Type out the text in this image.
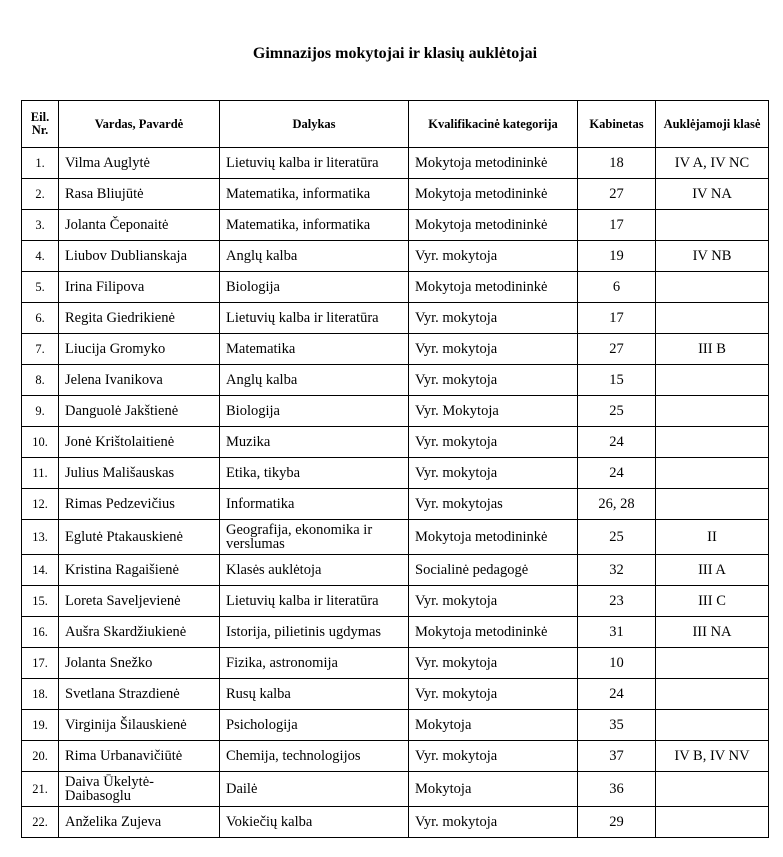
Gimnazijos mokytojai ir klasių auklėtojai
Eil. Nr.	Vardas, Pavardė	Dalykas	Kvalifikacinė kategorija	Kabinetas	Auklėjamoji klasė
1.	Vilma Auglytė	Lietuvių kalba ir literatūra	Mokytoja metodininkė	18	IV A, IV NC
2.	Rasa Bliujūtė	Matematika, informatika	Mokytoja metodininkė	27	IV NA
3.	Jolanta Čeponaitė	Matematika, informatika	Mokytoja metodininkė	17	
4.	Liubov Dublianskaja	Anglų kalba	Vyr. mokytoja	19	IV NB
5.	Irina Filipova	Biologija	Mokytoja metodininkė	6	
6.	Regita Giedrikienė	Lietuvių kalba ir literatūra	Vyr. mokytoja	17	
7.	Liucija Gromyko	Matematika	Vyr. mokytoja	27	III B
8.	Jelena Ivanikova	Anglų kalba	Vyr. mokytoja	15	
9.	Danguolė Jakštienė	Biologija	Vyr. Mokytoja	25	
10.	Jonė Krištolaitienė	Muzika	Vyr. mokytoja	24	
11.	Julius Mališauskas	Etika, tikyba	Vyr. mokytoja	24	
12.	Rimas Pedzevičius	Informatika	Vyr. mokytojas	26, 28	
13.	Eglutė Ptakauskienė	Geografija, ekonomika ir verslumas	Mokytoja metodininkė	25	II
14.	Kristina Ragaišienė	Klasės auklėtoja	Socialinė pedagogė	32	III A
15.	Loreta Saveljevienė	Lietuvių kalba ir literatūra	Vyr. mokytoja	23	III C
16.	Aušra Skardžiukienė	Istorija, pilietinis ugdymas	Mokytoja metodininkė	31	III NA
17.	Jolanta Snežko	Fizika, astronomija	Vyr. mokytoja	10	
18.	Svetlana Strazdienė	Rusų kalba	Vyr. mokytoja	24	
19.	Virginija Šilauskienė	Psichologija	Mokytoja	35	
20.	Rima Urbanavičiūtė	Chemija, technologijos	Vyr. mokytoja	37	IV B, IV NV
21.	Daiva Ūkelytė-Daibasoglu	Dailė	Mokytoja	36	
22.	Anželika Zujeva	Vokiečių kalba	Vyr. mokytoja	29	
